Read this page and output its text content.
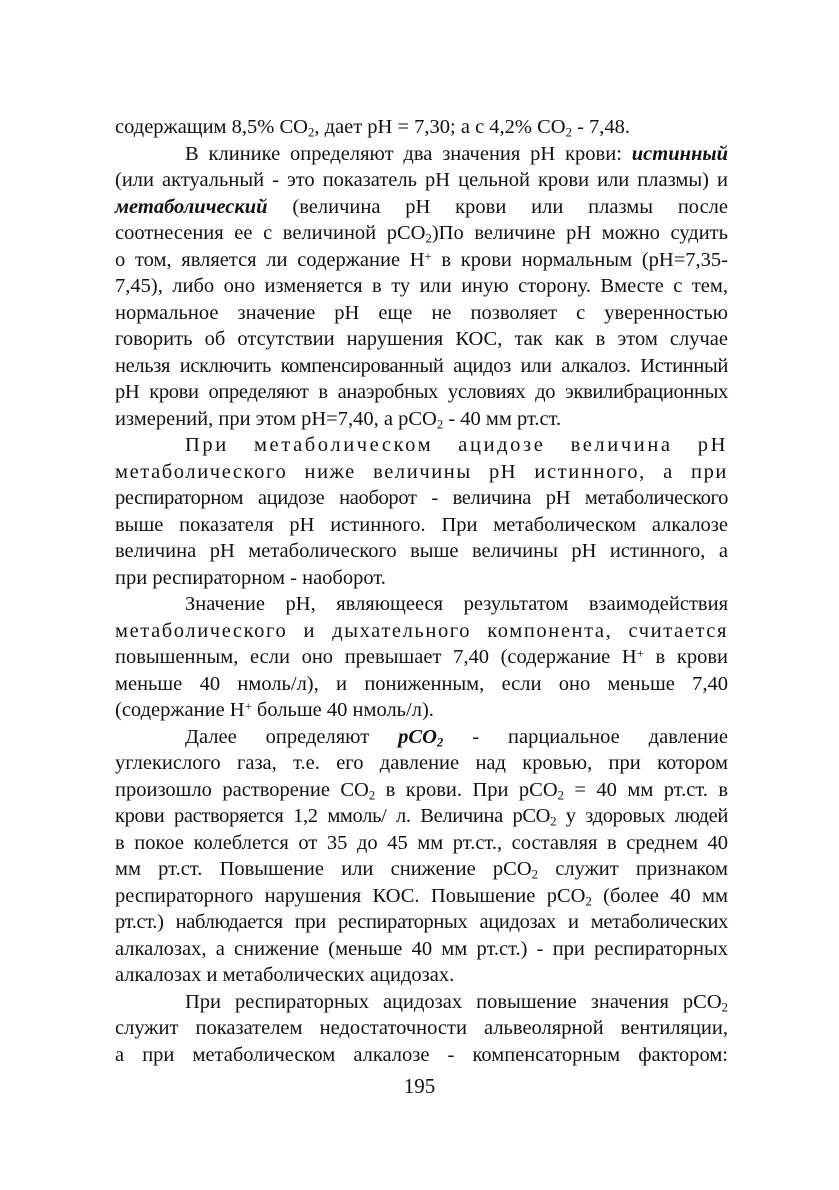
содержащим 8,5% $СО_2$, дает рН = 7,30; а с 4,2% $СО_2 - 7,48$.
В клинике определяют два значения рН крови: истинный
(или актуальный - это показатель рН цельной крови или плазмы) и
метаболический (величина рН крови или плазмы после
соотнесения ее с величиной рСО$_2$)По величине рН можно судить
о том, является ли содержание Н+ в крови нормальным (рН=7,35-
7,45), либо оно изменяется в ту или иную сторону. Вместе с тем,
нормальное значение рН еще не позволяет с уверенностью
говорить об отсутствии нарушения КОС, так как в этом случае
нельзя исключить компенсированный ацидоз или алкалоз. Истинный
рН крови определяют в анаэробных условиях до эквилибрационных
измерений, при этом рН=7,40, а рСО$_2$ - 40 мм рт.ст.
При метаболическом ацидозе величина рН
метаболического ниже величины рН истинного, а при
респираторном ацидозе наоборот - величина рН метаболического
выше показателя рН истинного. При метаболическом алкалозе
величина рН метаболического выше величины рН истинного, а
при респираторном - наоборот.
Значение рН, являющееся результатом взаимодействия
метаболического и дыхательного компонента, считается
повышенным, если оно превышает 7,40 (содержание Н+ в крови
меньше 40 нмоль/л), и пониженным, если оно меньше 7,40
(содержание Н+ больше 40 нмоль/л).
Далее определяют рСО$_2$ - парциальное давление
углекислого газа, т.е. его давление над кровью, при котором
произошло растворение $СО_2$ в крови. При рСО$_2$ = 40 мм рт.ст. в
крови растворяется 1,2 ммоль/ л. Величина рСО$_2$ у здоровых людей
в покое колеблется от 35 до 45 мм рт.ст., составляя в среднем 40
мм рт.ст. Повышение или снижение рСО$_2$ служит признаком
респираторного нарушения КОС. Повышение рСО$_2$ (более 40 мм
рт.ст.) наблюдается при респираторных ацидозах и метаболических
алкалозах, а снижение (меньше 40 мм рт.ст.) - при респираторных
алкалозах и метаболических ацидозах.
При респираторных ацидозах повышение значения рСО$_2$
служит показателем недостаточности альвеолярной вентиляции,
а при метаболическом алкалозе - компенсаторным фактором:
195
